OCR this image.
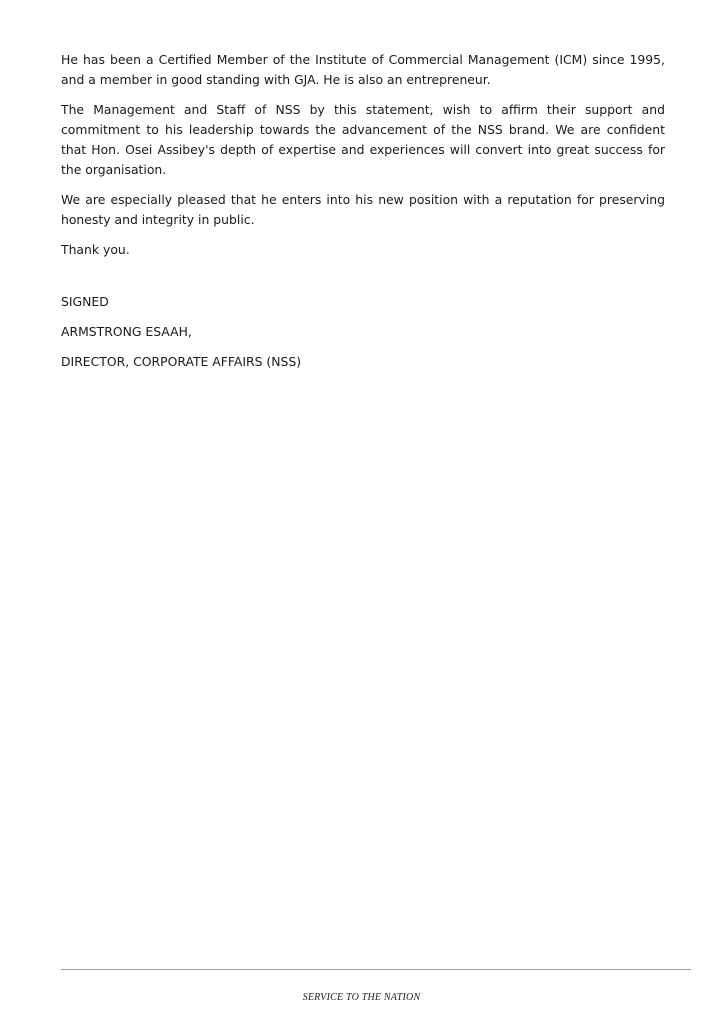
He has been a Certified Member of the Institute of Commercial Management (ICM) since 1995, and a member in good standing with GJA. He is also an entrepreneur.

The Management and Staff of NSS by this statement, wish to affirm their support and commitment to his leadership towards the advancement of the NSS brand. We are confident that Hon. Osei Assibey's depth of expertise and experiences will convert into great success for the organisation.

We are especially pleased that he enters into his new position with a reputation for preserving honesty and integrity in public.

Thank you.

SIGNED
ARMSTRONG ESAAH,
DIRECTOR, CORPORATE AFFAIRS (NSS)
SERVICE TO THE NATION
